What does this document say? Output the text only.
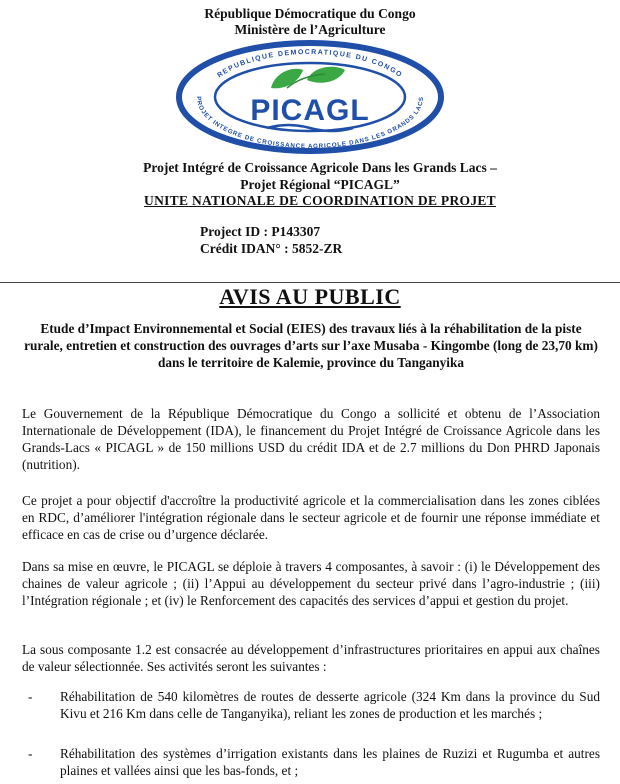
République Démocratique du Congo
Ministère de l’Agriculture
REPUBLIQUE DEMOCRATIQUE DU CONGO
PROJET INTEGRE DE CROISSANCE AGRICOLE DANS LES GRANDS LACS
PICAGL
Projet Intégré de Croissance Agricole Dans les Grands Lacs –
Projet Régional “PICAGL”
UNITE NATIONALE DE COORDINATION DE PROJET
Project ID : P143307
Crédit IDAN° : 5852-ZR
AVIS AU PUBLIC
Etude d’Impact Environnemental et Social (EIES) des travaux liés à la réhabilitation de la piste rurale, entretien et construction des ouvrages d’arts sur l’axe Musaba - Kingombe (long de 23,70 km) dans le territoire de Kalemie, province du Tanganyika
Le Gouvernement de la République Démocratique du Congo a sollicité et obtenu de l’Association Internationale de Développement (IDA), le financement du Projet Intégré de Croissance Agricole dans les Grands-Lacs « PICAGL » de 150 millions USD du crédit IDA et de 2.7 millions du Don PHRD Japonais (nutrition).
Ce projet a pour objectif d'accroître la productivité agricole et la commercialisation dans les zones ciblées en RDC, d’améliorer l'intégration régionale dans le secteur agricole et de fournir une réponse immédiate et efficace en cas de crise ou d’urgence déclarée.
Dans sa mise en œuvre, le PICAGL se déploie à travers 4 composantes, à savoir : (i) le Développement des chaines de valeur agricole ; (ii) l’Appui au développement du secteur privé dans l’agro-industrie ; (iii) l’Intégration régionale ; et (iv) le Renforcement des capacités des services d’appui et gestion du projet.
La sous composante 1.2 est consacrée au développement d’infrastructures prioritaires en appui aux chaînes de valeur sélectionnée. Ses activités seront les suivantes :
- Réhabilitation de 540 kilomètres de routes de desserte agricole (324 Km dans la province du Sud Kivu et 216 Km dans celle de Tanganyika), reliant les zones de production et les marchés ;
- Réhabilitation des systèmes d’irrigation existants dans les plaines de Ruzizi et Rugumba et autres plaines et vallées ainsi que les bas-fonds, et ;
